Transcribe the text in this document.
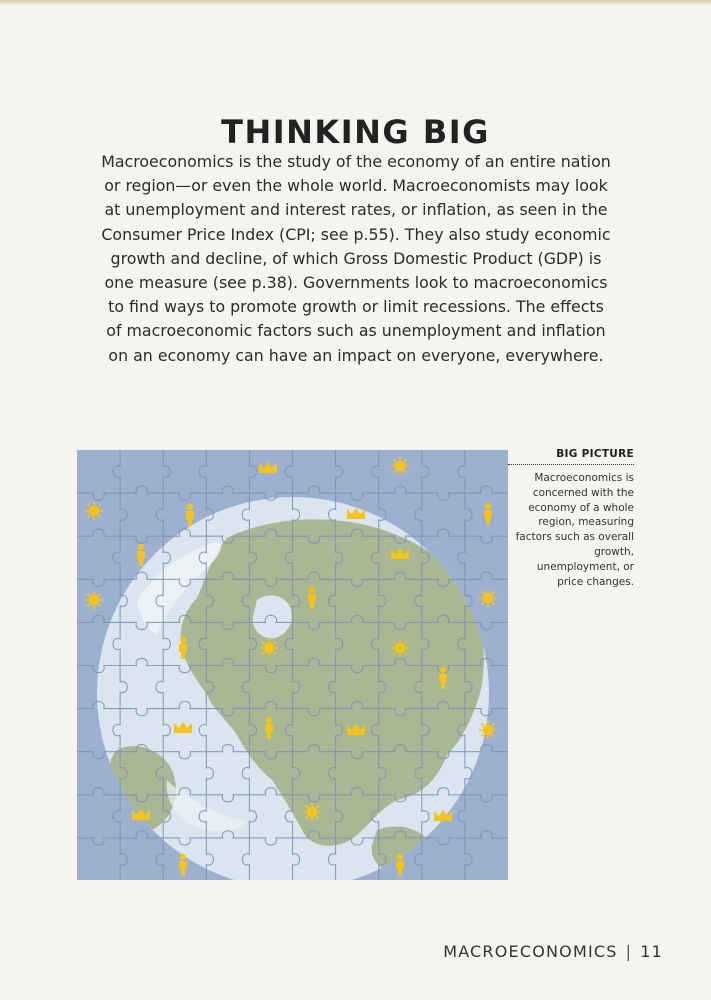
THINKING BIG

Macroeconomics is the study of the economy of an entire nation or region—or even the whole world. Macroeconomists may look at unemployment and interest rates, or inflation, as seen in the Consumer Price Index (CPI; see p.55). They also study economic growth and decline, of which Gross Domestic Product (GDP) is one measure (see p.38). Governments look to macroeconomics to find ways to promote growth or limit recessions. The effects of macroeconomic factors such as unemployment and inflation on an economy can have an impact on everyone, everywhere.

BIG PICTURE
Macroeconomics is concerned with the economy of a whole region, measuring factors such as overall growth, unemployment, or price changes.
MACROECONOMICS | 11
